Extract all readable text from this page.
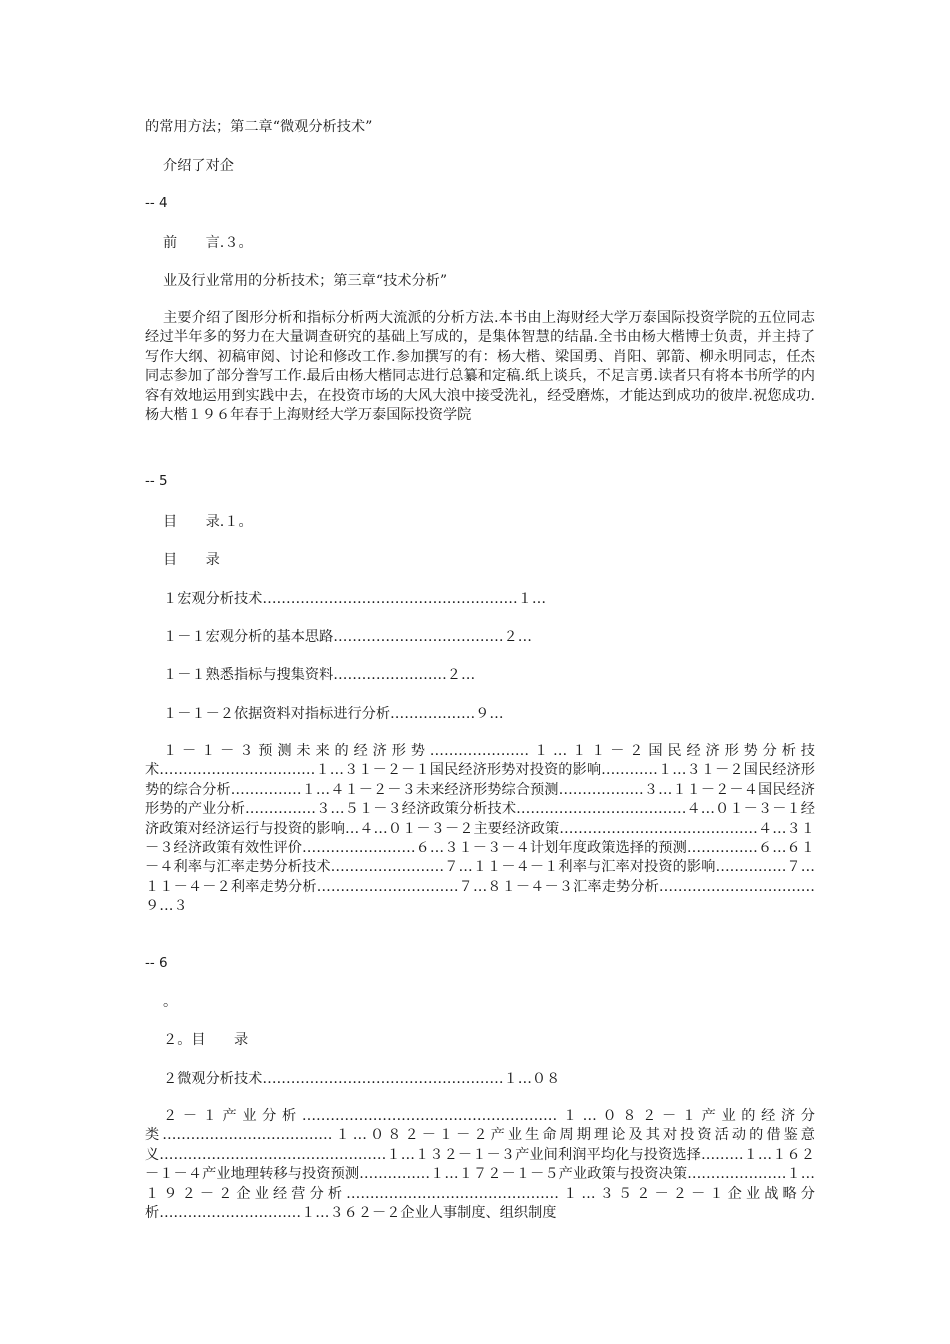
的常用方法；第二章“微观分析技术”
介绍了对企
-- 4
前　　言.３。
业及行业常用的分析技术；第三章“技术分析”
主要介绍了图形分析和指标分析两大流派的分析方法.本书由上海财经大学万泰国际投资学院的五位同志经过半年多的努力在大量调查研究的基础上写成的，是集体智慧的结晶.全书由杨大楷博士负责，并主持了写作大纲、初稿审阅、讨论和修改工作.参加撰写的有：杨大楷、梁国勇、肖阳、郭箭、柳永明同志，任杰同志参加了部分誊写工作.最后由杨大楷同志进行总纂和定稿.纸上谈兵，不足言勇.读者只有将本书所学的内容有效地运用到实践中去，在投资市场的大风大浪中接受洗礼，经受磨炼，才能达到成功的彼岸.祝您成功.杨大楷１９６年春于上海财经大学万泰国际投资学院
-- 5
目　　录.１。
目　　录
１宏观分析技术………………………………………………１…
１－１宏观分析的基本思路………………………………２…
１－１熟悉指标与搜集资料……………………２…
１－１－２依据资料对指标进行分析………………９…
１－１－３预测未来的经济形势…………………１…１１－２国民经济形势分析技术……………………………１…３１－２－１国民经济形势对投资的影响…………１…３１－２国民经济形势的综合分析……………１…４１－２－３未来经济形势综合预测………………３…１１－２－４国民经济形势的产业分析……………３…５１－３经济政策分析技术………………………………４…０１－３－１经济政策对经济运行与投资的影响…４…０１－３－２主要经济政策……………………………………４…３１－３经济政策有效性评价……………………６…３１－３－４计划年度政策选择的预测……………６…６１－４利率与汇率走势分析技术……………………７…１１－４－１利率与汇率对投资的影响……………７…１１－４－２利率走势分析…………………………７…８１－４－３汇率走势分析……………………………９…３
-- 6
。
２。目　　录
２微观分析技术……………………………………………１…０８
２－１产业分析………………………………………………１…０８２－１产业的经济分类………………………………１…０８２－１－２产业生命周期理论及其对投资活动的借鉴意义…………………………………………１…１３２－１－３产业间利润平均化与投资选择………１…１６２－１－４产业地理转移与投资预测……………１…１７２－１－５产业政策与投资决策…………………１…１９２－２企业经营分析………………………………………１…３５２－２－１企业战略分析…………………………１…３６２－２企业人事制度、组织制度
